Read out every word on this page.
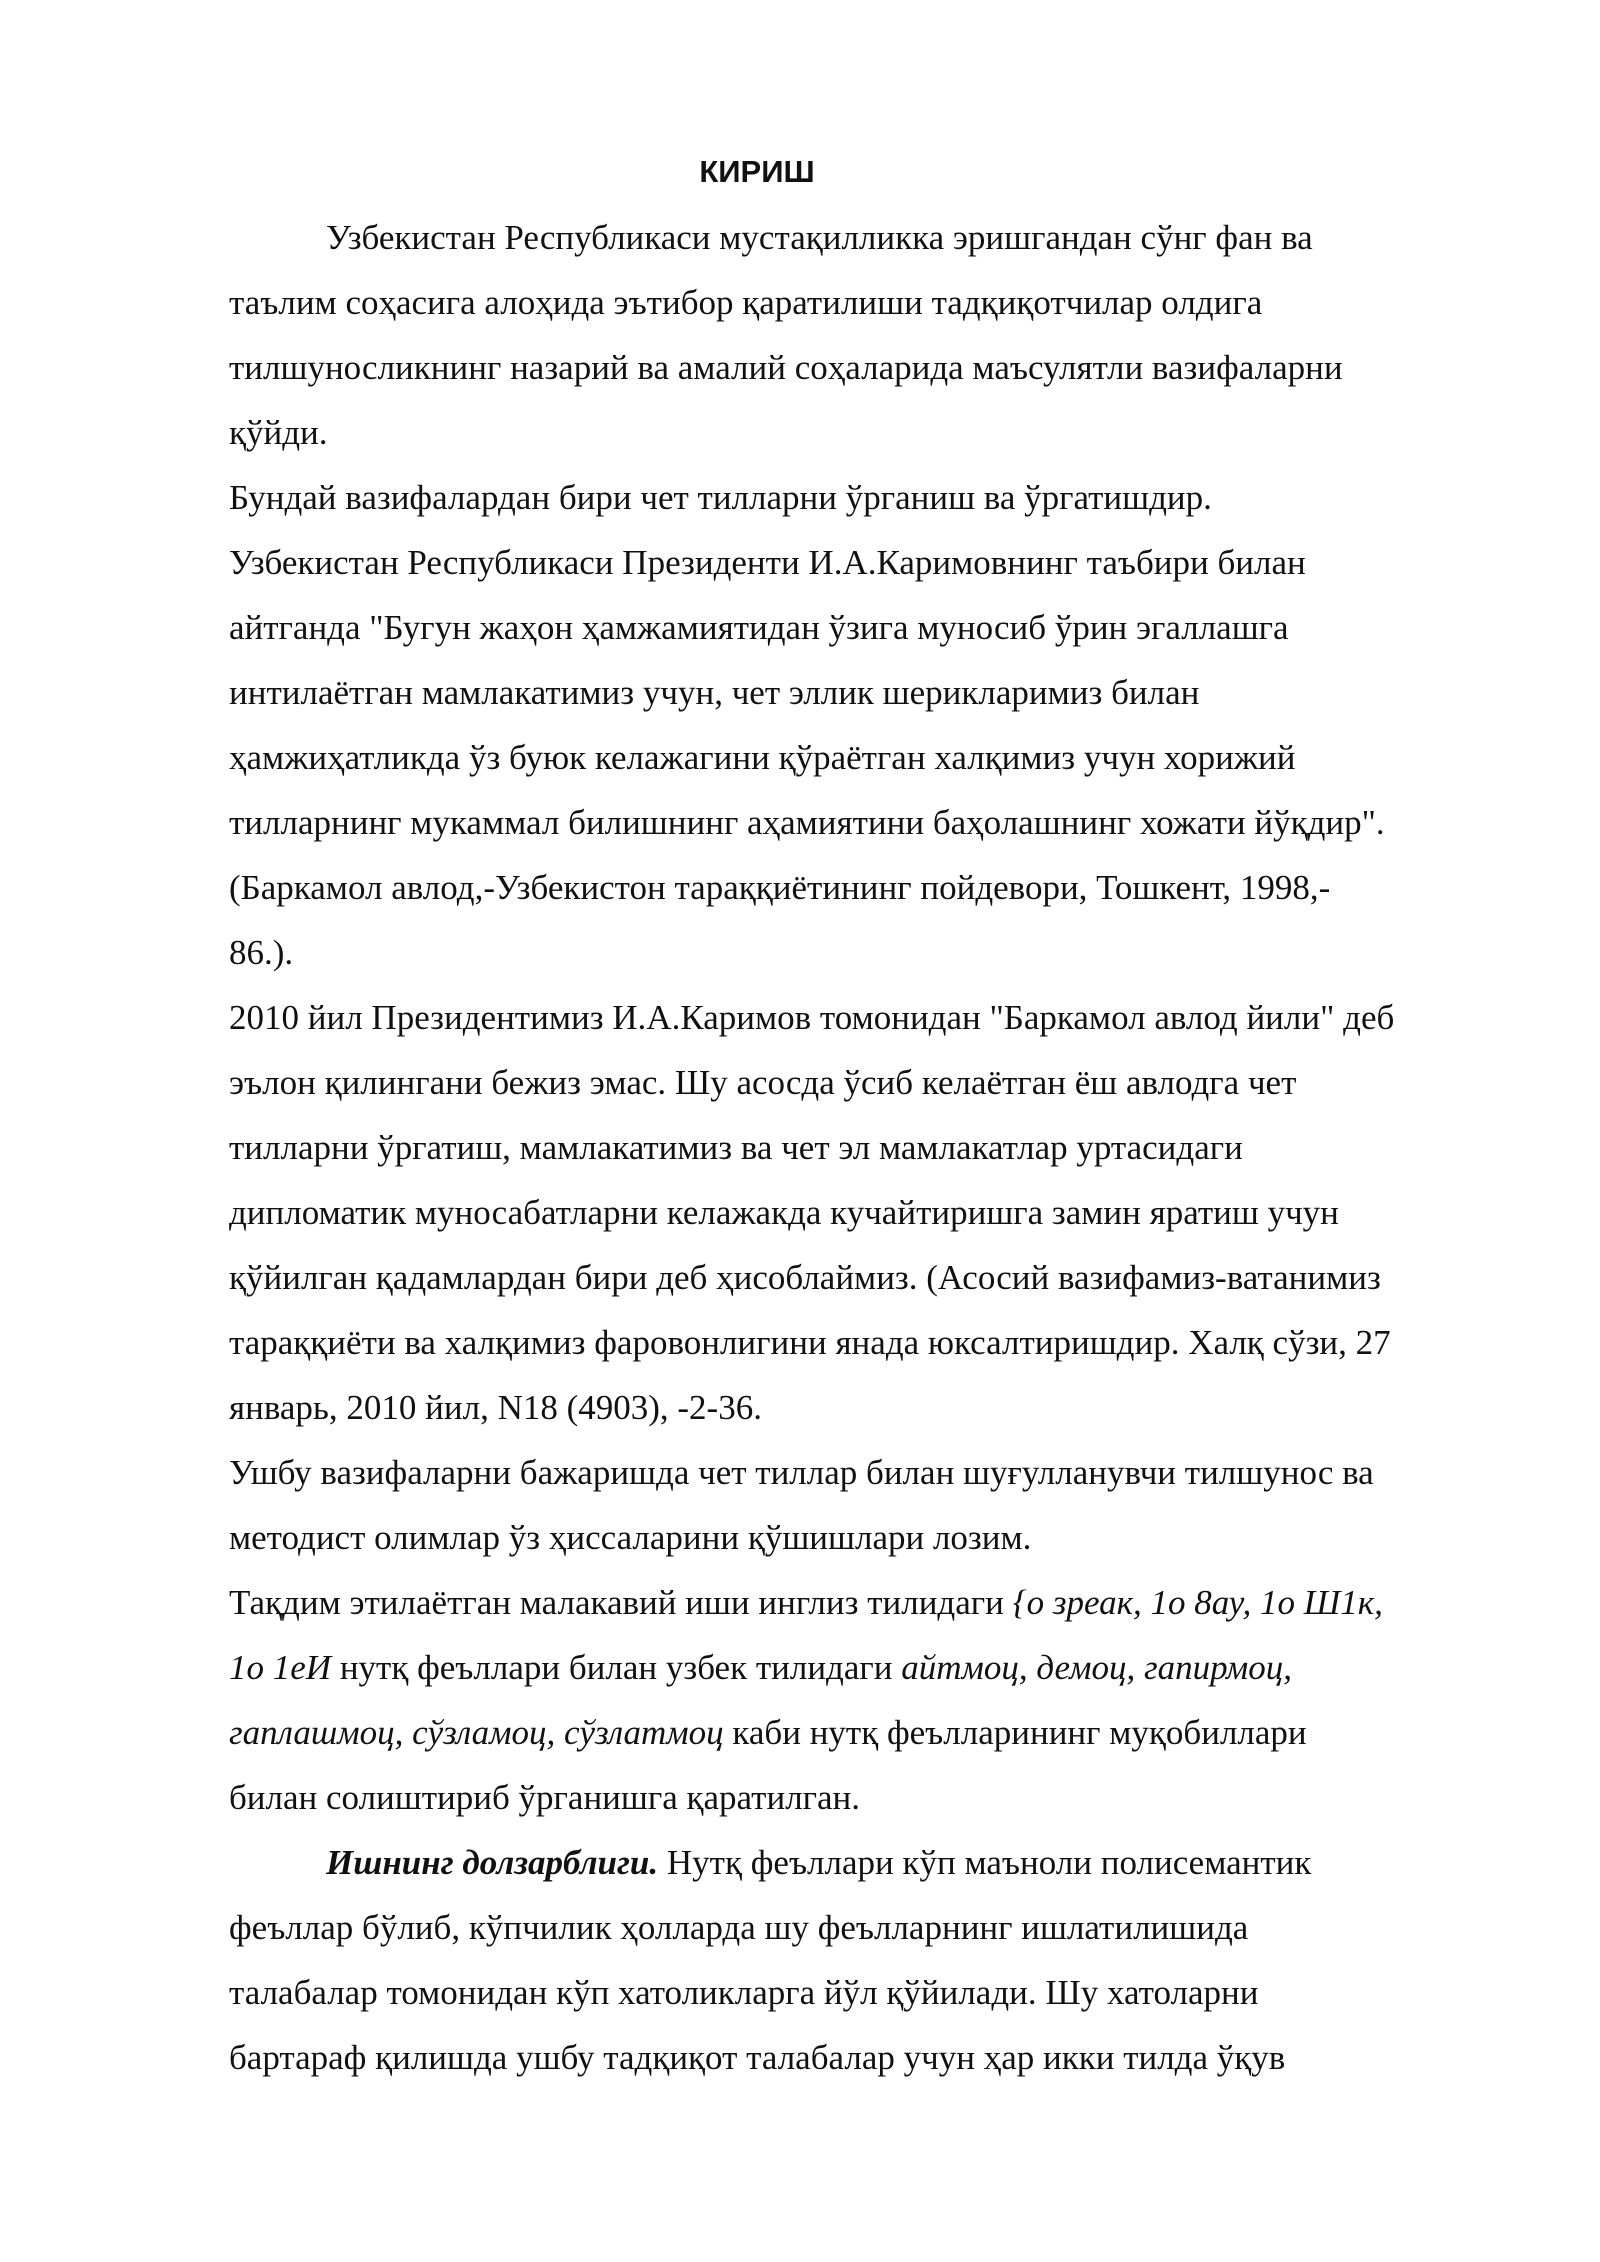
КИРИШ
Узбекистан Республикаси мустақилликка эришгандан сўнг фан ва
таълим соҳасига алоҳида эътибор қаратилиши тадқиқотчилар олдига
тилшуносликнинг назарий ва амалий соҳаларида маъсулятли вазифаларни
қўйди.
Бундай вазифалардан бири чет тилларни ўрганиш ва ўргатишдир.
Узбекистан Республикаси Президенти И.А.Каримовнинг таъбири билан
айтганда "Бугун жаҳон ҳамжамиятидан ўзига муносиб ўрин эгаллашга
интилаётган мамлакатимиз учун, чет эллик шерикларимиз билан
ҳамжиҳатликда ўз буюк келажагини қўраётган халқимиз учун хорижий
тилларнинг мукаммал билишнинг аҳамиятини баҳолашнинг хожати йўқдир".
(Баркамол авлод,-Узбекистон тараққиётининг пойдевори, Тошкент, 1998,-
86.).
2010 йил Президентимиз И.А.Каримов томонидан "Баркамол авлод йили" деб
эълон қилингани бежиз эмас. Шу асосда ўсиб келаётган ёш авлодга чет
тилларни ўргатиш, мамлакатимиз ва чет эл мамлакатлар уртасидаги
дипломатик муносабатларни келажакда кучайтиришга замин яратиш учун
қўйилган қадамлардан бири деб ҳисоблаймиз. (Асосий вазифамиз-ватанимиз
тараққиёти ва халқимиз фаровонлигини янада юксалтиришдир. Халқ сўзи, 27
январь, 2010 йил, N18 (4903), -2-36.
Ушбу вазифаларни бажаришда чет тиллар билан шуғулланувчи тилшунос ва
методист олимлар ўз ҳиссаларини қўшишлари лозим.
Тақдим этилаётган малакавий иши инглиз тилидаги {о зреак, 1о 8ау, 1о Ш1к,
1о 1еИ нутқ феъллари билан узбек тилидаги айтмоц, демоц, гапирмоц,
гаплашмоц, сўзламоц, сўзлатмоц каби нутқ феълларининг муқобиллари
билан солиштириб ўрганишга қаратилган.
Ишнинг долзарблиги. Нутқ феъллари кўп маъноли полисемантик
феъллар бўлиб, кўпчилик ҳолларда шу феълларнинг ишлатилишида
талабалар томонидан кўп хатоликларга йўл қўйилади. Шу хатоларни
бартараф қилишда ушбу тадқиқот талабалар учун ҳар икки тилда ўқув
